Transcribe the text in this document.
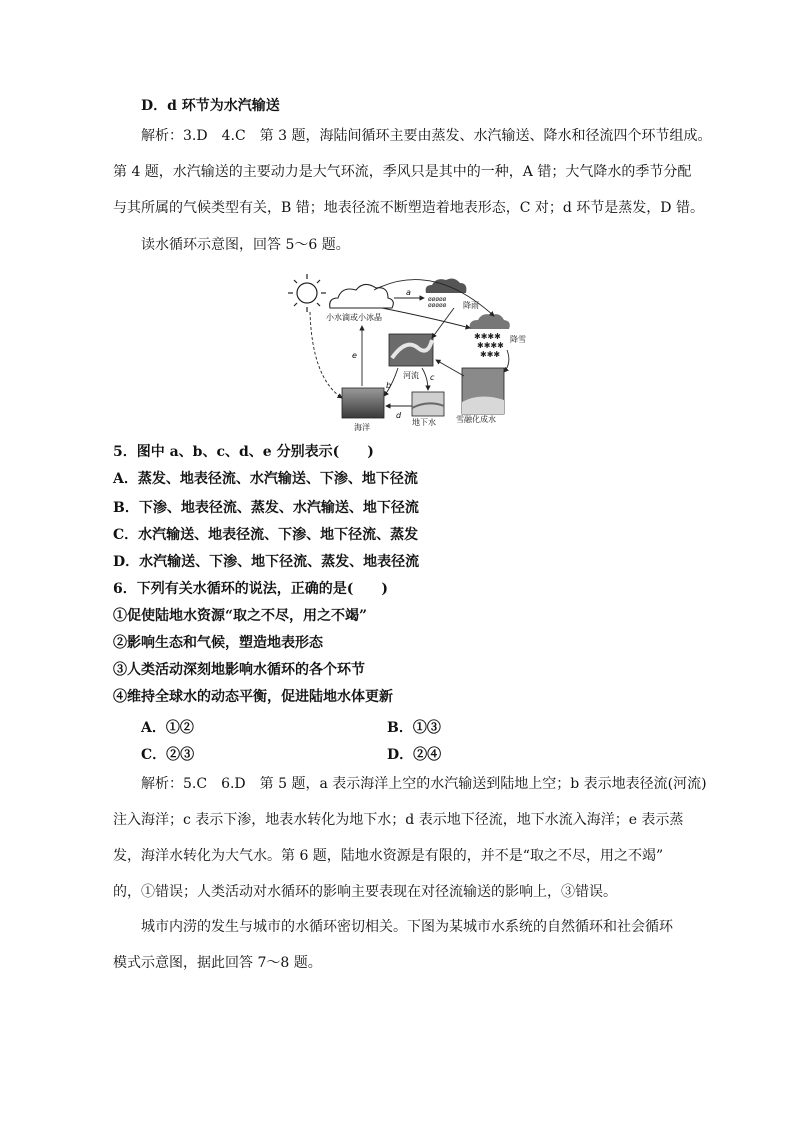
D．d 环节为水汽输送
解析：3.D　4.C　第 3 题，海陆间循环主要由蒸发、水汽输送、降水和径流四个环节组成。
第 4 题，水汽输送的主要动力是大气环流，季风只是其中的一种，A 错；大气降水的季节分配
与其所属的气候类型有关，B 错；地表径流不断塑造着地表形态，C 对；d 环节是蒸发，D 错。
读水循环示意图，回答 5～6 题。
小水滴或小冰晶
øøøøø
øøøøø 降雨
✱✱✱✱
✱✱✱✱
✱✱✱
降雪
河流
海洋
地下水	雪融化成水
a
b
c
d
e
5．图中 a、b、c、d、e 分别表示(　　)
A．蒸发、地表径流、水汽输送、下渗、地下径流
B．下渗、地表径流、蒸发、水汽输送、地下径流
C．水汽输送、地表径流、下渗、地下径流、蒸发
D．水汽输送、下渗、地下径流、蒸发、地表径流
6．下列有关水循环的说法，正确的是(　　)
①促使陆地水资源“取之不尽，用之不竭”
②影响生态和气候，塑造地表形态
③人类活动深刻地影响水循环的各个环节
④维持全球水的动态平衡，促进陆地水体更新
A．①②	B．①③
C．②③	D．②④
解析：5.C　6.D　第 5 题，a 表示海洋上空的水汽输送到陆地上空；b 表示地表径流(河流)
注入海洋；c 表示下渗，地表水转化为地下水；d 表示地下径流，地下水流入海洋；e 表示蒸
发，海洋水转化为大气水。第 6 题，陆地水资源是有限的，并不是“取之不尽，用之不竭”
的，①错误；人类活动对水循环的影响主要表现在对径流输送的影响上，③错误。
城市内涝的发生与城市的水循环密切相关。下图为某城市水系统的自然循环和社会循环
模式示意图，据此回答 7～8 题。
